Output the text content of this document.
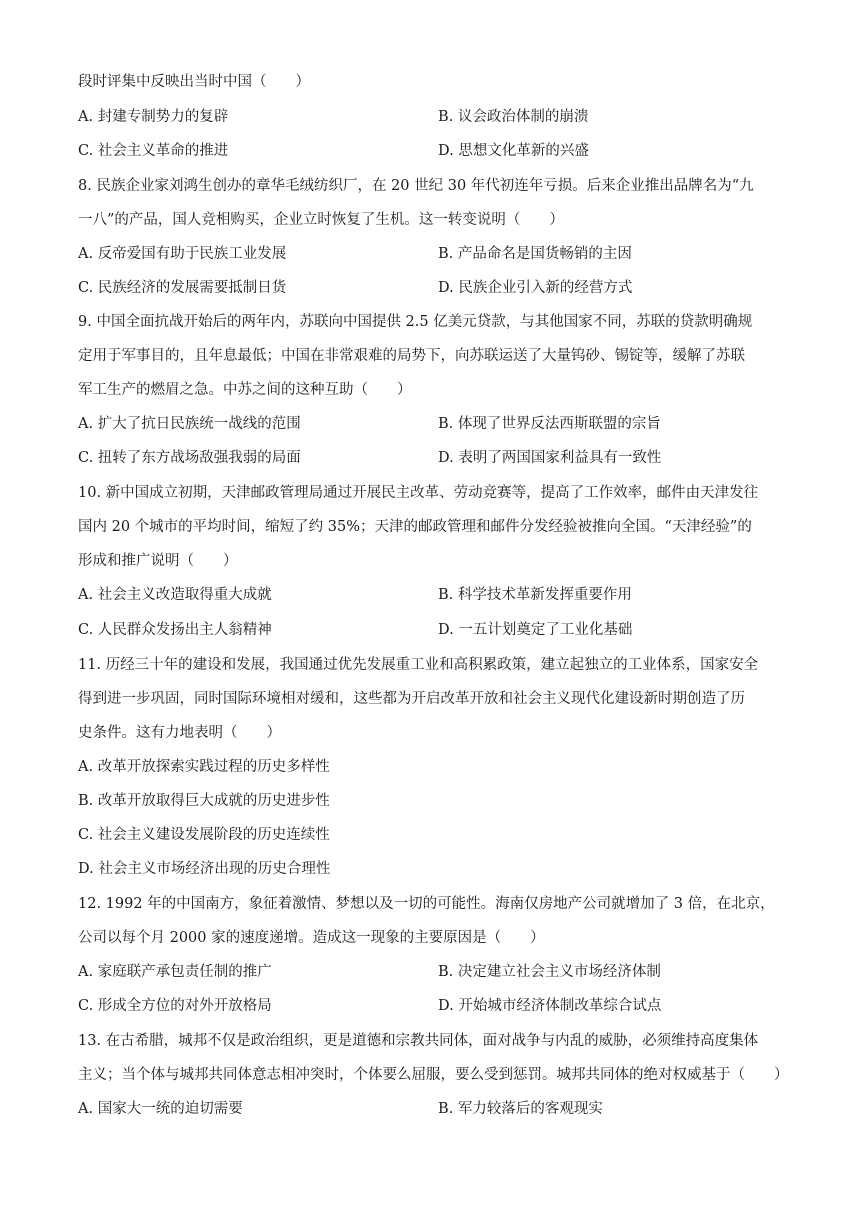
段时评集中反映出当时中国（　　）
A. 封建专制势力的复辟	B. 议会政治体制的崩溃
C. 社会主义革命的推进	D. 思想文化革新的兴盛
8. 民族企业家刘鸿生创办的章华毛绒纺织厂，在 20 世纪 30 年代初连年亏损。后来企业推出品牌名为“九
一八”的产品，国人竞相购买，企业立时恢复了生机。这一转变说明（　　）
A. 反帝爱国有助于民族工业发展	B. 产品命名是国货畅销的主因
C. 民族经济的发展需要抵制日货	D. 民族企业引入新的经营方式
9. 中国全面抗战开始后的两年内，苏联向中国提供 2.5 亿美元贷款，与其他国家不同，苏联的贷款明确规
定用于军事目的，且年息最低；中国在非常艰难的局势下，向苏联运送了大量钨砂、锡锭等，缓解了苏联
军工生产的燃眉之急。中苏之间的这种互助（　　）
A. 扩大了抗日民族统一战线的范围	B. 体现了世界反法西斯联盟的宗旨
C. 扭转了东方战场敌强我弱的局面	D. 表明了两国国家利益具有一致性
10. 新中国成立初期，天津邮政管理局通过开展民主改革、劳动竞赛等，提高了工作效率，邮件由天津发往
国内 20 个城市的平均时间，缩短了约 35%；天津的邮政管理和邮件分发经验被推向全国。“天津经验”的
形成和推广说明（　　）
A. 社会主义改造取得重大成就	B. 科学技术革新发挥重要作用
C. 人民群众发扬出主人翁精神	D. 一五计划奠定了工业化基础
11. 历经三十年的建设和发展，我国通过优先发展重工业和高积累政策，建立起独立的工业体系，国家安全
得到进一步巩固，同时国际环境相对缓和，这些都为开启改革开放和社会主义现代化建设新时期创造了历
史条件。这有力地表明（　　）
A. 改革开放探索实践过程的历史多样性
B. 改革开放取得巨大成就的历史进步性
C. 社会主义建设发展阶段的历史连续性
D. 社会主义市场经济出现的历史合理性
12. 1992 年的中国南方，象征着激情、梦想以及一切的可能性。海南仅房地产公司就增加了 3 倍，在北京，
公司以每个月 2000 家的速度递增。造成这一现象的主要原因是（　　）
A. 家庭联产承包责任制的推广	B. 决定建立社会主义市场经济体制
C. 形成全方位的对外开放格局	D. 开始城市经济体制改革综合试点
13. 在古希腊，城邦不仅是政治组织，更是道德和宗教共同体，面对战争与内乱的威胁，必须维持高度集体
主义；当个体与城邦共同体意志相冲突时，个体要么屈服，要么受到惩罚。城邦共同体的绝对权威基于（　　）
A. 国家大一统的迫切需要	B. 军力较落后的客观现实
